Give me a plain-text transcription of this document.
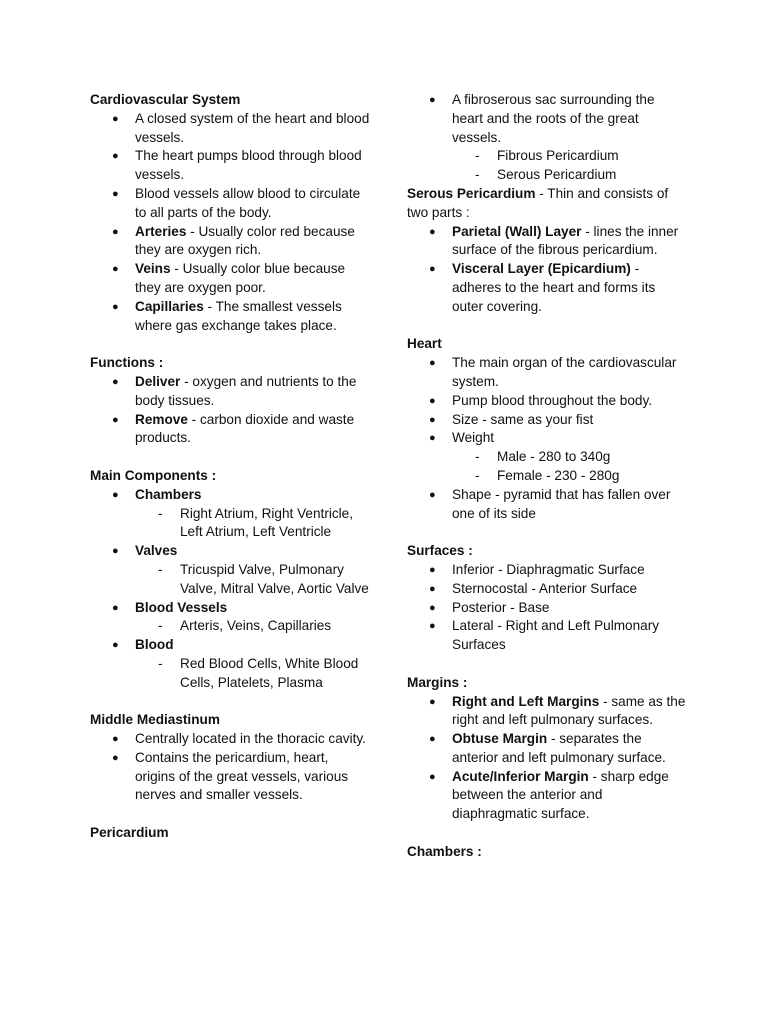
Cardiovascular System

● A closed system of the heart and blood vessels.

● The heart pumps blood through blood vessels.

● Blood vessels allow blood to circulate to all parts of the body.

● Arteries - Usually color red because they are oxygen rich.

● Veins - Usually color blue because they are oxygen poor.

● Capillaries - The smallest vessels where gas exchange takes place.

Functions :

● Deliver - oxygen and nutrients to the body tissues.

● Remove - carbon dioxide and waste products.

Main Components :

● Chambers

- Right Atrium, Right Ventricle, Left Atrium, Left Ventricle

● Valves

- Tricuspid Valve, Pulmonary Valve, Mitral Valve, Aortic Valve

● Blood Vessels

- Arteris, Veins, Capillaries

● Blood

- Red Blood Cells, White Blood Cells, Platelets, Plasma

Middle Mediastinum

● Centrally located in the thoracic cavity.

● Contains the pericardium, heart, origins of the great vessels, various nerves and smaller vessels.

Pericardium

● A fibroserous sac surrounding the heart and the roots of the great vessels.

- Fibrous Pericardium

- Serous Pericardium

Serous Pericardium - Thin and consists of two parts :

● Parietal (Wall) Layer - lines the inner surface of the fibrous pericardium.

● Visceral Layer (Epicardium) - adheres to the heart and forms its outer covering.

Heart

● The main organ of the cardiovascular system.

● Pump blood throughout the body.

● Size - same as your fist

● Weight

- Male - 280 to 340g

- Female - 230 - 280g

● Shape - pyramid that has fallen over one of its side

Surfaces :

● Inferior - Diaphragmatic Surface

● Sternocostal - Anterior Surface

● Posterior - Base

● Lateral - Right and Left Pulmonary Surfaces

Margins :

● Right and Left Margins - same as the right and left pulmonary surfaces.

● Obtuse Margin - separates the anterior and left pulmonary surface.

● Acute/Inferior Margin - sharp edge between the anterior and diaphragmatic surface.

Chambers :
